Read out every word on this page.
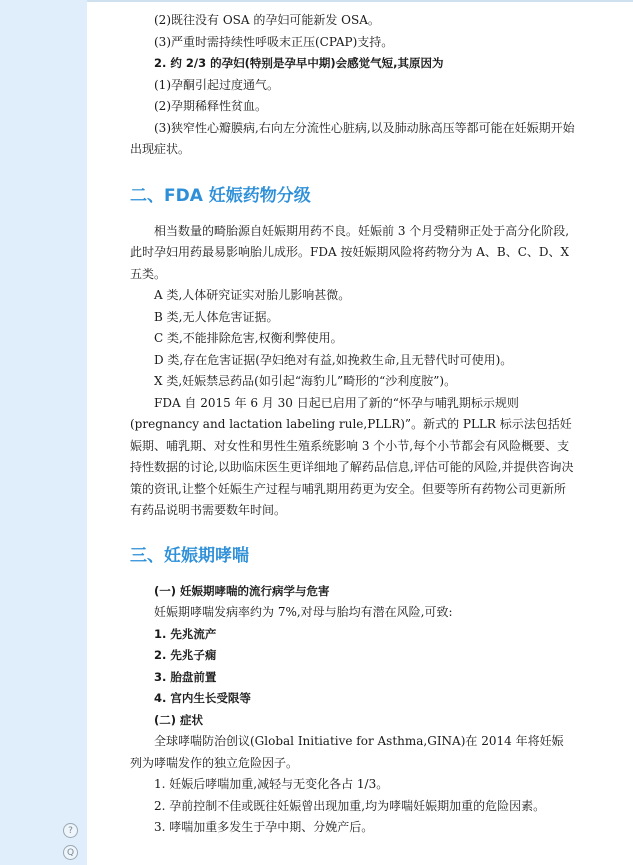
(2)既往没有 OSA 的孕妇可能新发 OSA。

(3)严重时需持续性呼吸末正压(CPAP)支持。

2. 约 2/3 的孕妇(特别是孕早中期)会感觉气短,其原因为

(1)孕酮引起过度通气。

(2)孕期稀释性贫血。

(3)狭窄性心瓣膜病,右向左分流性心脏病,以及肺动脉高压等都可能在妊娠期开始出现症状。

二、FDA 妊娠药物分级

相当数量的畸胎源自妊娠期用药不良。妊娠前 3 个月受精卵正处于高分化阶段,此时孕妇用药最易影响胎儿成形。FDA 按妊娠期风险将药物分为 A、B、C、D、X 五类。

A 类,人体研究证实对胎儿影响甚微。

B 类,无人体危害证据。

C 类,不能排除危害,权衡利弊使用。

D 类,存在危害证据(孕妇绝对有益,如挽救生命,且无替代时可使用)。

X 类,妊娠禁忌药品(如引起“海豹儿”畸形的“沙利度胺”)。

FDA 自 2015 年 6 月 30 日起已启用了新的“怀孕与哺乳期标示规则(pregnancy and lactation labeling rule,PLLR)”。新式的 PLLR 标示法包括妊娠期、哺乳期、对女性和男性生殖系统影响 3 个小节,每个小节都会有风险概要、支持性数据的讨论,以助临床医生更详细地了解药品信息,评估可能的风险,并提供咨询决策的资讯,让整个妊娠生产过程与哺乳期用药更为安全。但要等所有药物公司更新所有药品说明书需要数年时间。

三、妊娠期哮喘

(一) 妊娠期哮喘的流行病学与危害

妊娠期哮喘发病率约为 7%,对母与胎均有潜在风险,可致:

1. 先兆流产

2. 先兆子痫

3. 胎盘前置

4. 宫内生长受限等

(二) 症状

全球哮喘防治创议(Global Initiative for Asthma,GINA)在 2014 年将妊娠列为哮喘发作的独立危险因子。

1. 妊娠后哮喘加重,减轻与无变化各占 1/3。

2. 孕前控制不佳或既往妊娠曾出现加重,均为哮喘妊娠期加重的危险因素。

3. 哮喘加重多发生于孕中期、分娩产后。

?
Q
